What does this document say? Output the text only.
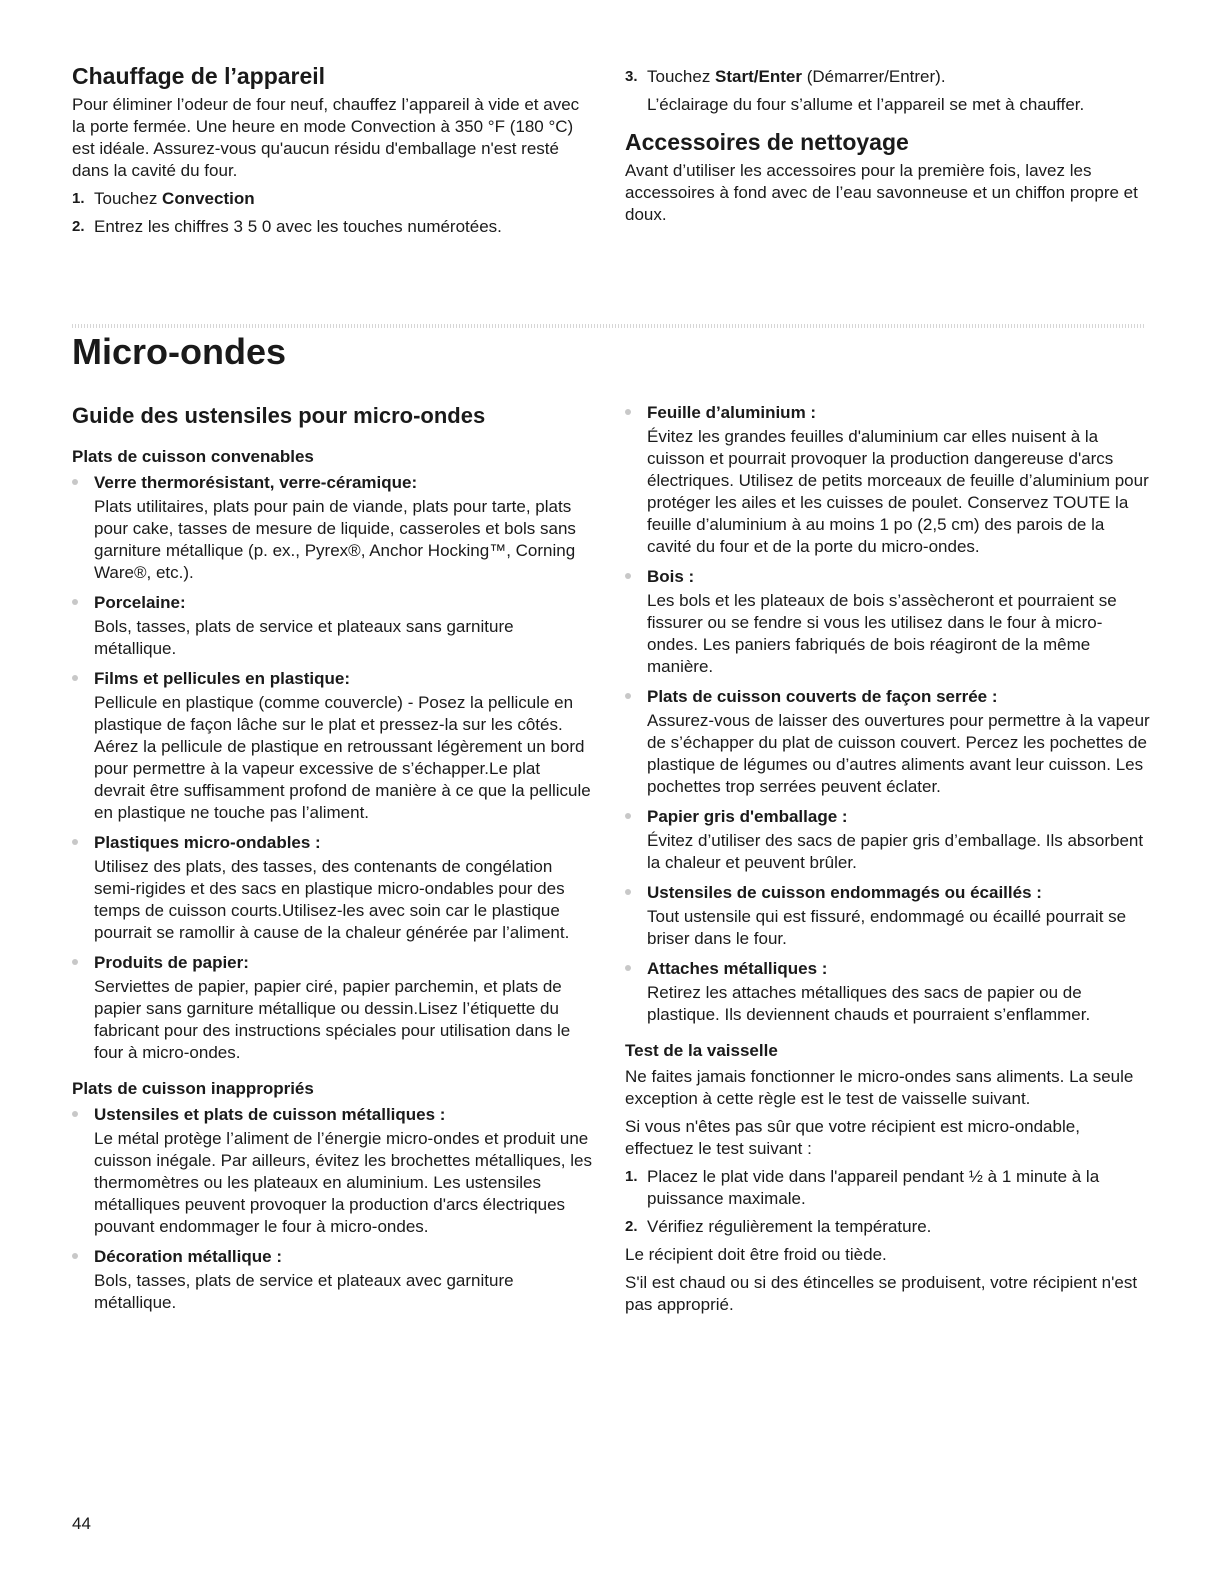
Chauffage de l’appareil

Pour éliminer l’odeur de four neuf, chauffez l’appareil à vide et avec la porte fermée. Une heure en mode Convection à 350 °F (180 °C) est idéale. Assurez-vous qu'aucun résidu d'emballage n'est resté dans la cavité du four.

1. Touchez Convection
2. Entrez les chiffres 3 5 0 avec les touches numérotées.
3. Touchez Start/Enter (Démarrer/Entrer).

L’éclairage du four s’allume et l’appareil se met à chauffer.

Accessoires de nettoyage

Avant d’utiliser les accessoires pour la première fois, lavez les accessoires à fond avec de l’eau savonneuse et un chiffon propre et doux.

Micro-ondes
Guide des ustensiles pour micro-ondes
Plats de cuisson convenables
Verre thermorésistant, verre-céramique:
Plats utilitaires, plats pour pain de viande, plats pour tarte, plats pour cake, tasses de mesure de liquide, casseroles et bols sans garniture métallique (p. ex., Pyrex®, Anchor Hocking™, Corning Ware®, etc.).
Porcelaine:
Bols, tasses, plats de service et plateaux sans garniture métallique.
Films et pellicules en plastique:
Pellicule en plastique (comme couvercle) - Posez la pellicule en plastique de façon lâche sur le plat et pressez-la sur les côtés. Aérez la pellicule de plastique en retroussant légèrement un bord pour permettre à la vapeur excessive de s’échapper.Le plat devrait être suffisamment profond de manière à ce que la pellicule en plastique ne touche pas l’aliment.
Plastiques micro-ondables :
Utilisez des plats, des tasses, des contenants de congélation semi-rigides et des sacs en plastique micro-ondables pour des temps de cuisson courts.Utilisez-les avec soin car le plastique pourrait se ramollir à cause de la chaleur générée par l’aliment.
Produits de papier:
Serviettes de papier, papier ciré, papier parchemin, et plats de papier sans garniture métallique ou dessin.Lisez l’étiquette du fabricant pour des instructions spéciales pour utilisation dans le four à micro-ondes.
Plats de cuisson inappropriés
Ustensiles et plats de cuisson métalliques :
Le métal protège l’aliment de l’énergie micro-ondes et produit une cuisson inégale. Par ailleurs, évitez les brochettes métalliques, les thermomètres ou les plateaux en aluminium. Les ustensiles métalliques peuvent provoquer la production d'arcs électriques pouvant endommager le four à micro-ondes.
Décoration métallique :
Bols, tasses, plats de service et plateaux avec garniture métallique.
Feuille d’aluminium :
Évitez les grandes feuilles d'aluminium car elles nuisent à la cuisson et pourrait provoquer la production dangereuse d'arcs électriques. Utilisez de petits morceaux de feuille d’aluminium pour protéger les ailes et les cuisses de poulet. Conservez TOUTE la feuille d’aluminium à au moins 1 po (2,5 cm) des parois de la cavité du four et de la porte du micro-ondes.
Bois :
Les bols et les plateaux de bois s’assècheront et pourraient se fissurer ou se fendre si vous les utilisez dans le four à micro-ondes. Les paniers fabriqués de bois réagiront de la même manière.
Plats de cuisson couverts de façon serrée :
Assurez-vous de laisser des ouvertures pour permettre à la vapeur de s’échapper du plat de cuisson couvert. Percez les pochettes de plastique de légumes ou d’autres aliments avant leur cuisson. Les pochettes trop serrées peuvent éclater.
Papier gris d'emballage :
Évitez d’utiliser des sacs de papier gris d’emballage. Ils absorbent la chaleur et peuvent brûler.
Ustensiles de cuisson endommagés ou écaillés :
Tout ustensile qui est fissuré, endommagé ou écaillé pourrait se briser dans le four.
Attaches métalliques :
Retirez les attaches métalliques des sacs de papier ou de plastique. Ils deviennent chauds et pourraient s’enflammer.
Test de la vaisselle

Ne faites jamais fonctionner le micro-ondes sans aliments. La seule exception à cette règle est le test de vaisselle suivant.

Si vous n'êtes pas sûr que votre récipient est micro-ondable, effectuez le test suivant :

1. Placez le plat vide dans l'appareil pendant ½ à 1 minute à la puissance maximale.
2. Vérifiez régulièrement la température.

Le récipient doit être froid ou tiède.

S'il est chaud ou si des étincelles se produisent, votre récipient n'est pas approprié.

44
